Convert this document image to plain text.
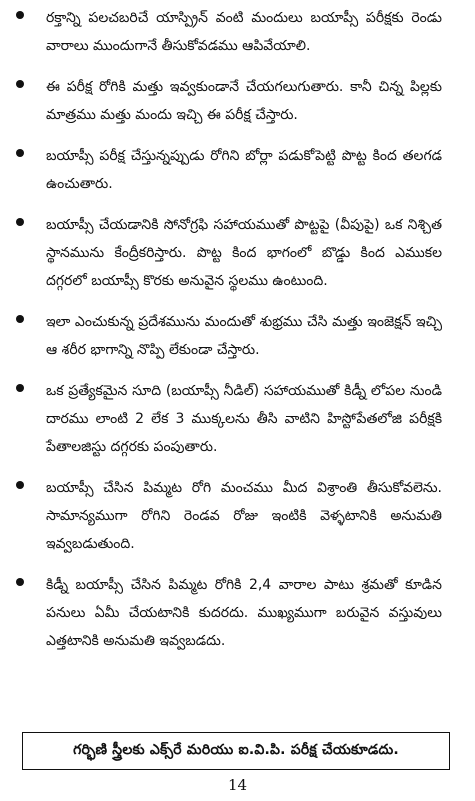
రక్తాన్ని పలచబరిచే యాస్ప్రిన్ వంటి మందులు బయాప్సీ పరీక్షకు రెండు వారాలు ముందుగానే తీసుకోవడము ఆపివేయాలి.
ఈ పరీక్ష రోగికి మత్తు ఇవ్వకుండానే చేయగలుగుతారు. కానీ చిన్న పిల్లకు మాత్రము మత్తు మందు ఇచ్చి ఈ పరీక్ష చేస్తారు.
బయాప్సీ పరీక్ష చేస్తున్నప్పుడు రోగిని బోర్లా పడుకోపెట్టి పొట్ట కింద తలగడ ఉంచుతారు.
బయాప్సీ చేయడానికి సోనోగ్రఫి సహాయముతో పొట్టపై (వీపుపై) ఒక నిశ్చిత స్థానమును కేంద్రీకరిస్తారు. పొట్ట కింద భాగంలో బొడ్డు కింద ఎముకల దగ్గరలో బయాప్సీ కొరకు అనువైన స్థలము ఉంటుంది.
ఇలా ఎంచుకున్న ప్రదేశమును మందుతో శుభ్రము చేసి మత్తు ఇంజెక్షన్ ఇచ్చి ఆ శరీర భాగాన్ని నొప్పి లేకుండా చేస్తారు.
ఒక ప్రత్యేకమైన సూది (బయాప్సీ నీడిల్) సహాయముతో కిడ్నీ లోపల నుండి దారము లాంటి 2 లేక 3 ముక్కలను తీసి వాటిని హిస్టోపేతలోజి పరీక్షకి పేతాలజిస్టు దగ్గరకు పంపుతారు.
బయాప్సీ చేసిన పిమ్మట రోగి మంచము మీద విశ్రాంతి తీసుకోవలెను. సామాన్యముగా రోగిని రెండవ రోజు ఇంటికి వెళ్ళటానికి అనుమతి ఇవ్వబడుతుంది.
కిడ్నీ బయాప్సీ చేసిన పిమ్మట రోగికి 2,4 వారాల పాటు శ్రమతో కూడిన పనులు ఏమీ చేయటానికి కుదరదు. ముఖ్యముగా బరువైన వస్తువులు ఎత్తటానికి అనుమతి ఇవ్వబడదు.
గర్భిణి స్త్రీలకు ఎక్స్‌రే మరియు ఐ.వి.పి. పరీక్ష చేయకూడదు.
14
